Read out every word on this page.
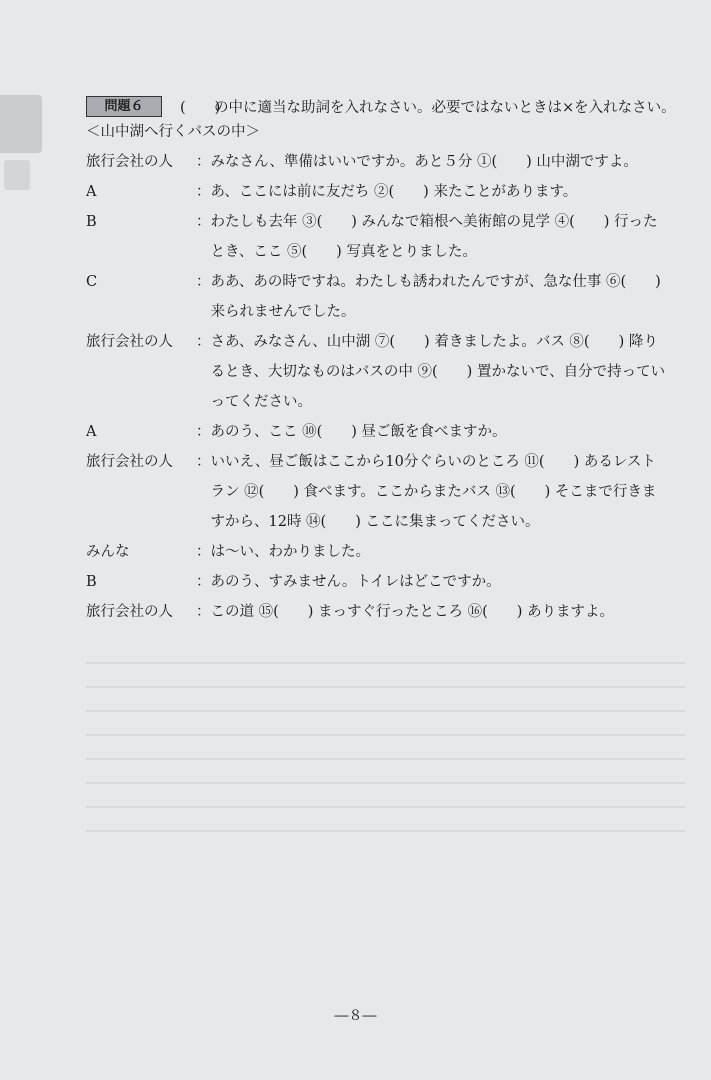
問題６	(　　)
の中に適当な助詞を入れなさい。必要ではないときは×を入れなさい。
＜山中湖へ行くバスの中＞
旅行会社の人	：みなさん、準備はいいですか。あと５分 ①(　　) 山中湖ですよ。
A	：あ、ここには前に友だち ②(　　) 来たことがあります。
B	：わたしも去年 ③(　　) みんなで箱根へ美術館の見学 ④(　　) 行った
　とき、ここ ⑤(　　) 写真をとりました。
C	：ああ、あの時ですね。わたしも誘われたんですが、急な仕事 ⑥(　　)
　来られませんでした。
旅行会社の人	：さあ、みなさん、山中湖 ⑦(　　) 着きましたよ。バス ⑧(　　) 降り
　るとき、大切なものはバスの中 ⑨(　　) 置かないで、自分で持ってい
　ってください。
A	：あのう、ここ ⑩(　　) 昼ご飯を食べますか。
旅行会社の人	：いいえ、昼ご飯はここから10分ぐらいのところ ⑪(　　) あるレスト
　ラン ⑫(　　) 食べます。ここからまたバス ⑬(　　) そこまで行きま
　すから、12時 ⑭(　　) ここに集まってください。
みんな	：は～い、わかりました。
B	：あのう、すみません。トイレはどこですか。
旅行会社の人	：この道 ⑮(　　) まっすぐ行ったところ ⑯(　　) ありますよ。
―８―
